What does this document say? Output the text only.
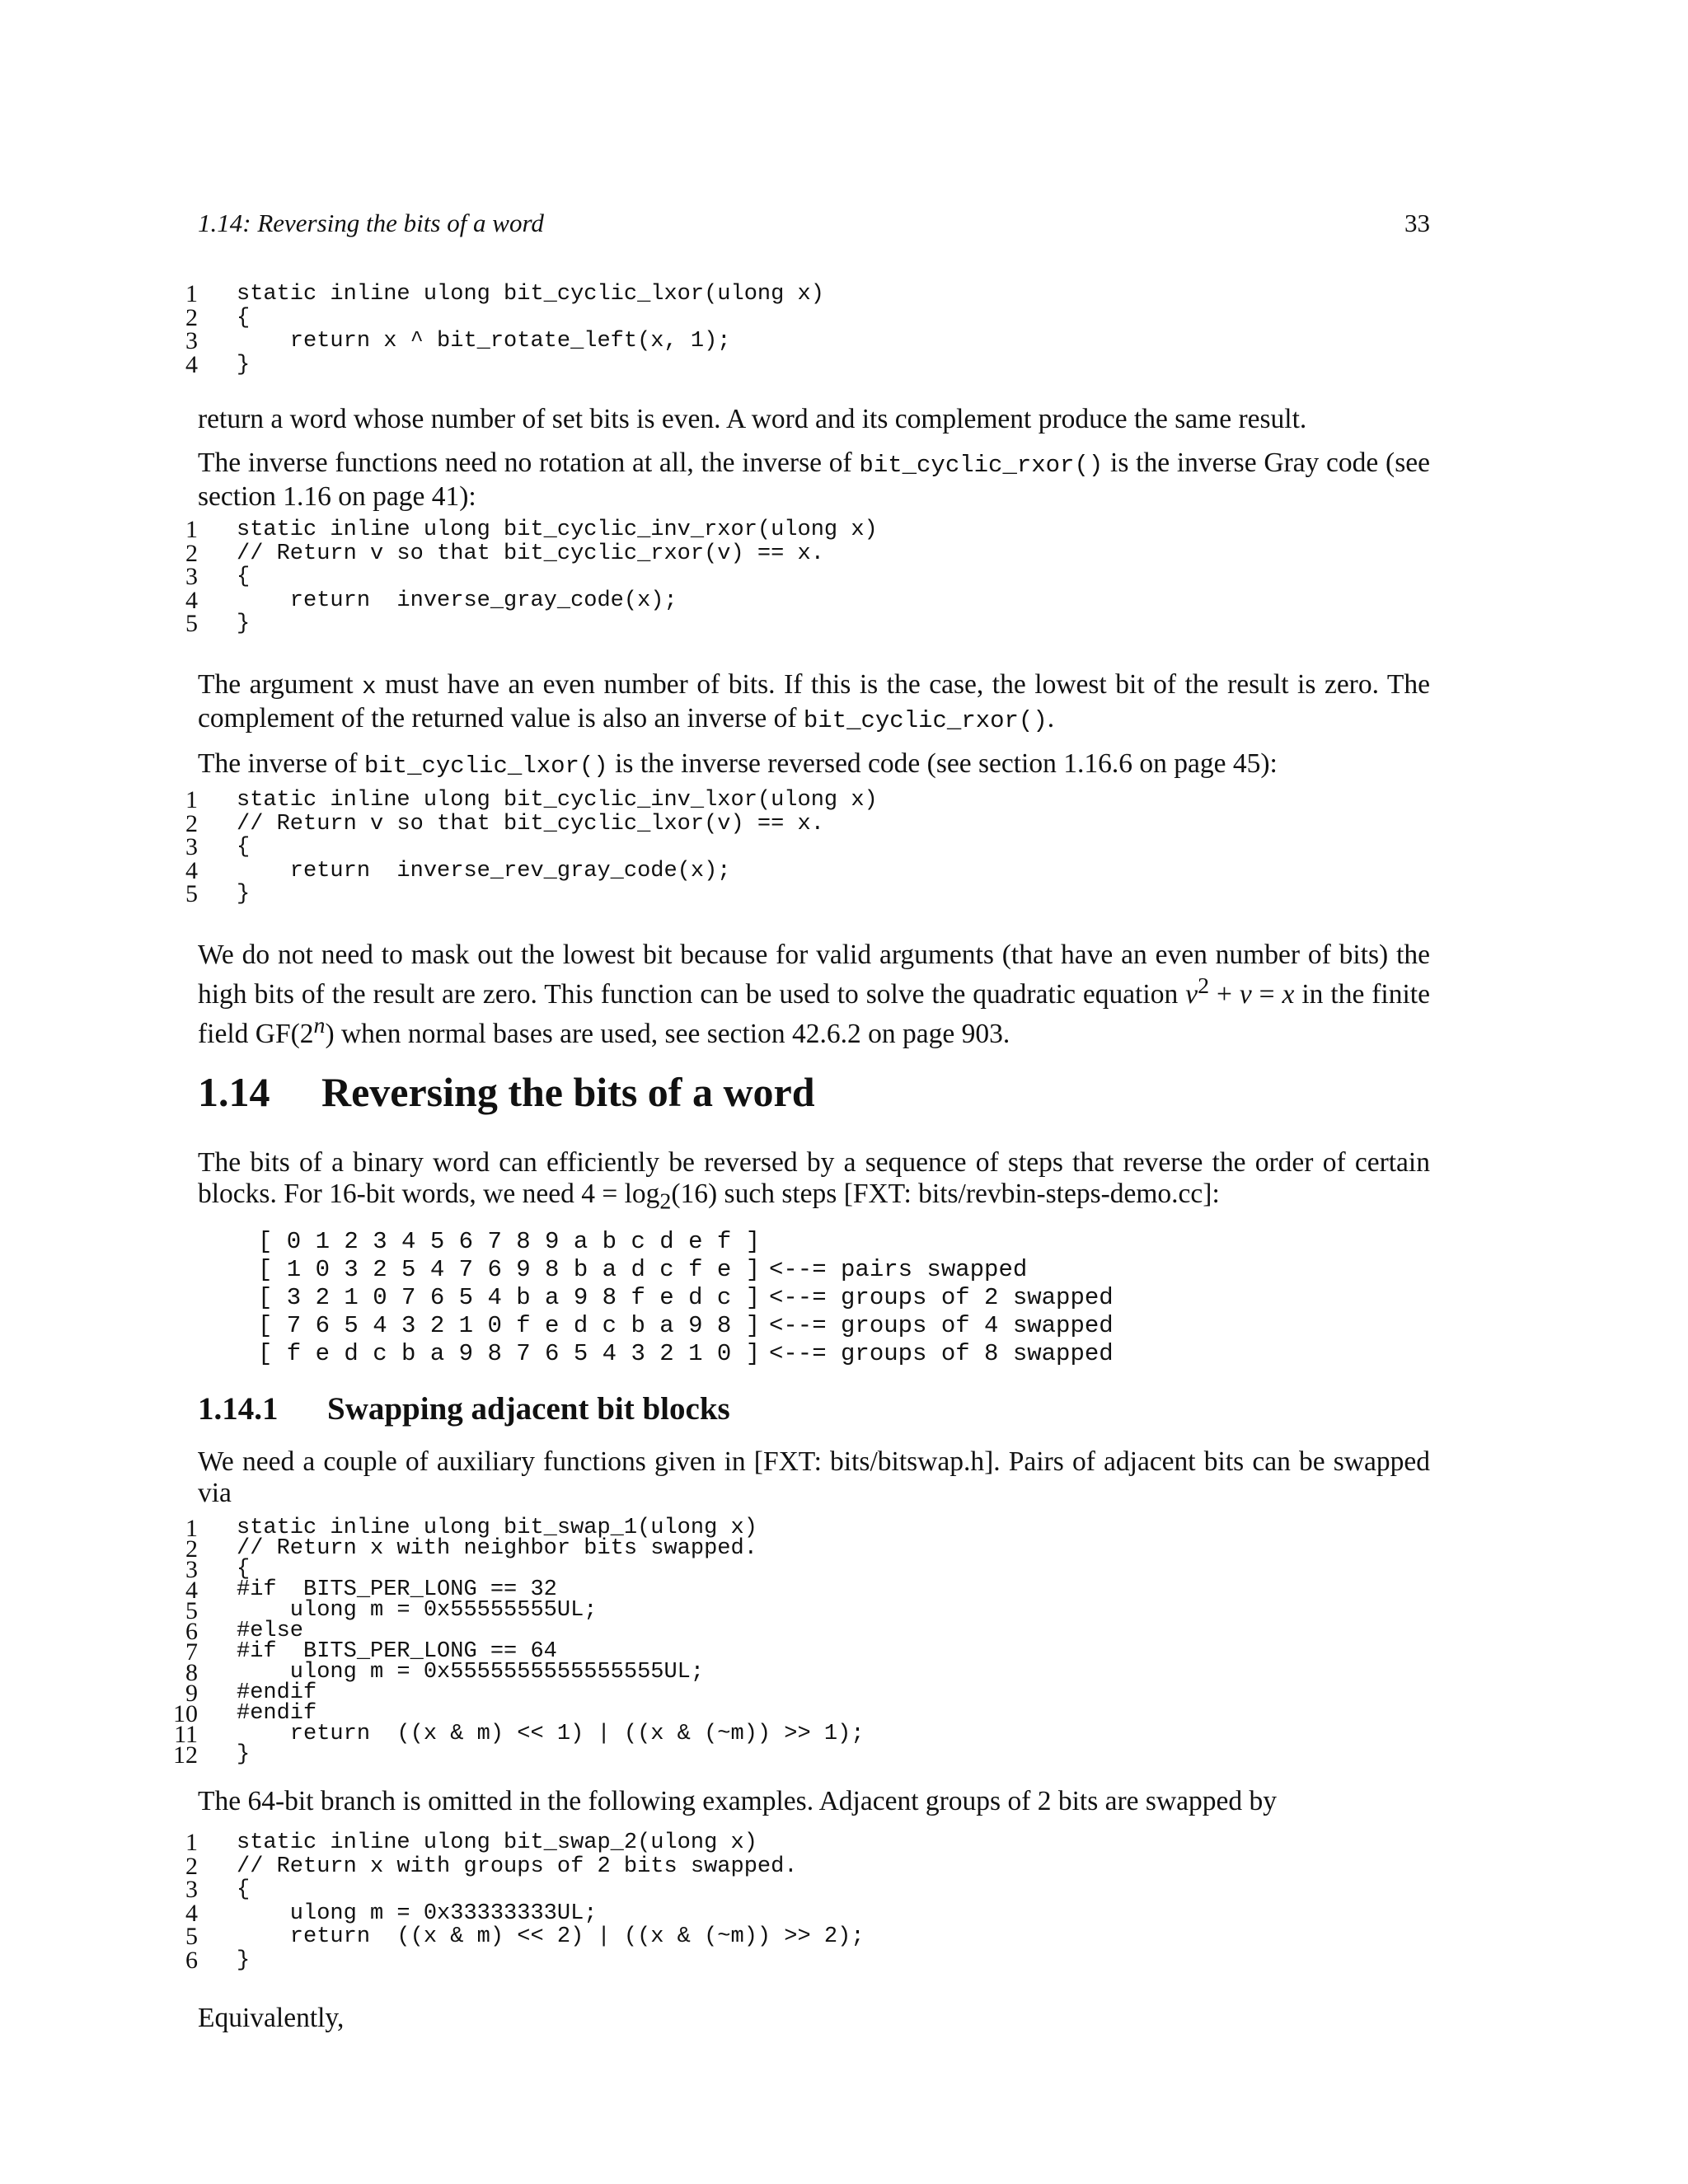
1.14: Reversing the bits of a word	33
1 static inline ulong bit_cyclic_lxor(ulong x)
2 {
3 return x ^ bit_rotate_left(x, 1);
4 }

return a word whose number of set bits is even. A word and its complement produce the same result.

The inverse functions need no rotation at all, the inverse of bit_cyclic_rxor() is the inverse Gray code (see section 1.16 on page 41):

1 static inline ulong bit_cyclic_inv_rxor(ulong x)
2 // Return v so that bit_cyclic_rxor(v) == x.
3 {
4 return  inverse_gray_code(x);
5 }

The argument x must have an even number of bits. If this is the case, the lowest bit of the result is zero. The complement of the returned value is also an inverse of bit_cyclic_rxor().

The inverse of bit_cyclic_lxor() is the inverse reversed code (see section 1.16.6 on page 45):

1 static inline ulong bit_cyclic_inv_lxor(ulong x)
2 // Return v so that bit_cyclic_lxor(v) == x.
3 {
4 return  inverse_rev_gray_code(x);
5 }

We do not need to mask out the lowest bit because for valid arguments (that have an even number of bits) the high bits of the result are zero. This function can be used to solve the quadratic equation $v^2 + v = x$ in the finite field GF(2$^n$) when normal bases are used, see section 42.6.2 on page 903.

1.14 Reversing the bits of a word

The bits of a binary word can efficiently be reversed by a sequence of steps that reverse the order of certain blocks. For 16-bit words, we need $4 = \log_2(16)$ such steps [FXT: bits/revbin-steps-demo.cc]:

[ 0 1 2 3 4 5 6 7 8 9 a b c d e f ]
[ 1 0 3 2 5 4 7 6 9 8 b a d c f e ] <--= pairs swapped
[ 3 2 1 0 7 6 5 4 b a 9 8 f e d c ] <--= groups of 2 swapped
[ 7 6 5 4 3 2 1 0 f e d c b a 9 8 ] <--= groups of 4 swapped
[ f e d c b a 9 8 7 6 5 4 3 2 1 0 ] <--= groups of 8 swapped
1.14.1 Swapping adjacent bit blocks

We need a couple of auxiliary functions given in [FXT: bits/bitswap.h]. Pairs of adjacent bits can be swapped via

1 static inline ulong bit_swap_1(ulong x)
2 // Return x with neighbor bits swapped.
3 {
4 #if  BITS_PER_LONG == 32
5 ulong m = 0x55555555UL;
6 #else
7 #if  BITS_PER_LONG == 64
8 ulong m = 0x5555555555555555UL;
9 #endif
10 #endif
11 return  ((x & m) << 1) | ((x & (~m)) >> 1);
12 }

The 64-bit branch is omitted in the following examples. Adjacent groups of 2 bits are swapped by

1 static inline ulong bit_swap_2(ulong x)
2 // Return x with groups of 2 bits swapped.
3 {
4 ulong m = 0x33333333UL;
5 return  ((x & m) << 2) | ((x & (~m)) >> 2);
6 }

Equivalently,
